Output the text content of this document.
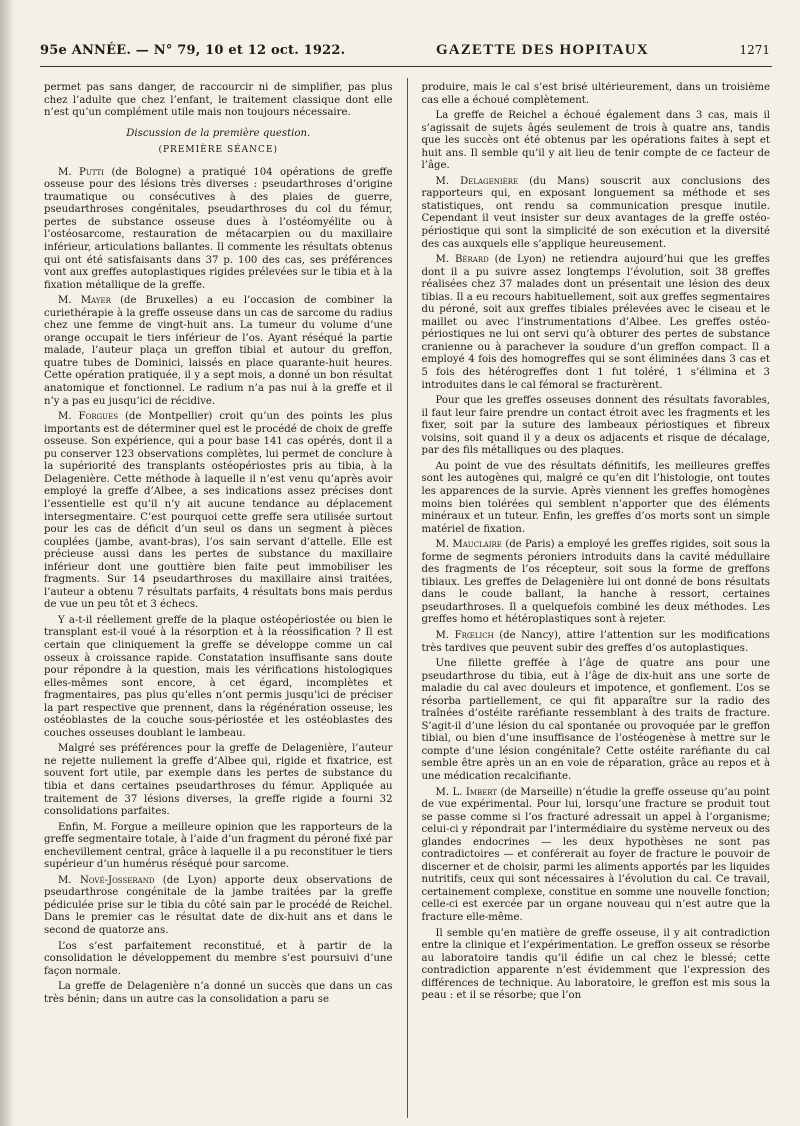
95e ANNÉE. — N° 79, 10 et 12 oct. 1922.	GAZETTE DES HOPITAUX	1271

permet pas sans danger, de raccourcir ni de simplifier, pas plus chez l’adulte que chez l’enfant, le traitement classique dont elle n’est qu’un complément utile mais non toujours nécessaire.

Discussion de la première question.
(PREMIÈRE SÉANCE)

M. Putti (de Bologne) a pratiqué 104 opérations de greffe osseuse pour des lésions très diverses : pseudarthroses d’origine traumatique ou consécutives à des plaies de guerre, pseudarthroses congénitales, pseudarthroses du col du fémur, pertes de substance osseuse dues à l’ostéomyélite ou à l’ostéosarcome, restauration de métacarpien ou du maxillaire inférieur, articulations ballantes. Il commente les résultats obtenus qui ont été satisfaisants dans 37 p. 100 des cas, ses préférences vont aux greffes autoplastiques rigides prélevées sur le tibia et à la fixation métallique de la greffe.

M. Mayer (de Bruxelles) a eu l’occasion de combiner la curiethérapie à la greffe osseuse dans un cas de sarcome du radius chez une femme de vingt-huit ans. La tumeur du volume d’une orange occupait le tiers inférieur de l’os. Ayant réséqué la partie malade, l’auteur plaça un greffon tibial et autour du greffon, quatre tubes de Dominici, laissés en place quarante-huit heures. Cette opération pratiquée, il y a sept mois, a donné un bon résultat anatomique et fonctionnel. Le radium n’a pas nui à la greffe et il n’y a pas eu jusqu’ici de récidive.

M. Forgues (de Montpellier) croit qu’un des points les plus importants est de déterminer quel est le procédé de choix de greffe osseuse. Son expérience, qui a pour base 141 cas opérés, dont il a pu conserver 123 observations complètes, lui permet de conclure à la supériorité des transplants ostéopériostes pris au tibia, à la Delagenière. Cette méthode à laquelle il n’est venu qu’après avoir employé la greffe d’Albee, a ses indications assez précises dont l’essentielle est qu’il n’y ait aucune tendance au déplacement intersegmentaire. C’est pourquoi cette greffe sera utilisée surtout pour les cas de déficit d’un seul os dans un segment à pièces couplées (jambe, avant-bras), l’os sain servant d’attelle. Elle est précieuse aussi dans les pertes de substance du maxillaire inférieur dont une gouttière bien faite peut immobiliser les fragments. Sur 14 pseudarthroses du maxillaire ainsi traitées, l’auteur a obtenu 7 résultats parfaits, 4 résultats bons mais perdus de vue un peu tôt et 3 échecs.

Y a-t-il réellement greffe de la plaque ostéopériostée ou bien le transplant est-il voué à la résorption et à la réossification ? Il est certain que cliniquement la greffe se développe comme un cal osseux à croissance rapide. Constatation insuffisante sans doute pour répondre à la question, mais les vérifications histologiques elles-mêmes sont encore, à cet égard, incomplètes et fragmentaires, pas plus qu’elles n’ont permis jusqu’ici de préciser la part respective que prennent, dans la régénération osseuse, les ostéoblastes de la couche sous-périostée et les ostéoblastes des couches osseuses doublant le lambeau.

Malgré ses préférences pour la greffe de Delagenière, l’auteur ne rejette nullement la greffe d’Albee qui, rigide et fixatrice, est souvent fort utile, par exemple dans les pertes de substance du tibia et dans certaines pseudarthroses du fémur. Appliquée au traitement de 37 lésions diverses, la greffe rigide a fourni 32 consolidations parfaites.

Enfin, M. Forgue a meilleure opinion que les rapporteurs de la greffe segmentaire totale, à l’aide d’un fragment du péroné fixé par enchevillement central, grâce à laquelle il a pu reconstituer le tiers supérieur d’un humérus réséqué pour sarcome.

M. Nové-Josserand (de Lyon) apporte deux observations de pseudarthrose congénitale de la jambe traitées par la greffe pédiculée prise sur le tibia du côté sain par le procédé de Reichel. Dans le premier cas le résultat date de dix-huit ans et dans le second de quatorze ans.

L’os s’est parfaitement reconstitué, et à partir de la consolidation le développement du membre s’est poursuivi d’une façon normale.

La greffe de Delagenière n’a donné un succès que dans un cas très bénin; dans un autre cas la consolidation a paru se

produire, mais le cal s’est brisé ultérieurement, dans un troisième cas elle a échoué complètement.

La greffe de Reichel a échoué également dans 3 cas, mais il s’agissait de sujets âgés seulement de trois à quatre ans, tandis que les succès ont été obtenus par les opérations faites à sept et huit ans. Il semble qu’il y ait lieu de tenir compte de ce facteur de l’âge.

M. Delagenière (du Mans) souscrit aux conclusions des rapporteurs qui, en exposant longuement sa méthode et ses statistiques, ont rendu sa communication presque inutile. Cependant il veut insister sur deux avantages de la greffe ostéo-périostique qui sont la simplicité de son exécution et la diversité des cas auxquels elle s’applique heureusement.

M. Bérard (de Lyon) ne retiendra aujourd’hui que les greffes dont il a pu suivre assez longtemps l’évolution, soit 38 greffes réalisées chez 37 malades dont un présentait une lésion des deux tibias. Il a eu recours habituellement, soit aux greffes segmentaires du péroné, soit aux greffes tibiales prélevées avec le ciseau et le maillet ou avec l’instrumentations d’Albee. Les greffes ostéo-périostiques ne lui ont servi qu’à obturer des pertes de substance cranienne ou à parachever la soudure d’un greffon compact. Il a employé 4 fois des homogreffes qui se sont éliminées dans 3 cas et 5 fois des hétérogreffes dont 1 fut toléré, 1 s’élimina et 3 introduites dans le cal fémoral se fracturèrent.

Pour que les greffes osseuses donnent des résultats favorables, il faut leur faire prendre un contact étroit avec les fragments et les fixer, soit par la suture des lambeaux périostiques et fibreux voisins, soit quand il y a deux os adjacents et risque de décalage, par des fils métalliques ou des plaques.

Au point de vue des résultats définitifs, les meilleures greffes sont les autogènes qui, malgré ce qu’en dit l’histologie, ont toutes les apparences de la survie. Après viennent les greffes homogènes moins bien tolérées qui semblent n’apporter que des éléments minéraux et un tuteur. Enfin, les greffes d’os morts sont un simple matériel de fixation.

M. Mauclaire (de Paris) a employé les greffes rigides, soit sous la forme de segments péroniers introduits dans la cavité médullaire des fragments de l’os récepteur, soit sous la forme de greffons tibiaux. Les greffes de Delagenière lui ont donné de bons résultats dans le coude ballant, la hanche à ressort, certaines pseudarthroses. Il a quelquefois combiné les deux méthodes. Les greffes homo et hétéroplastiques sont à rejeter.

M. Frœlich (de Nancy), attire l’attention sur les modifications très tardives que peuvent subir des greffes d’os autoplastiques.

Une fillette greffée à l’âge de quatre ans pour une pseudarthrose du tibia, eut à l’âge de dix-huit ans une sorte de maladie du cal avec douleurs et impotence, et gonflement. L’os se résorba partiellement, ce qui fit apparaître sur la radio des traînées d’ostéite raréfiante ressemblant à des traits de fracture. S’agit-il d’une lésion du cal spontanée ou provoquée par le greffon tibial, ou bien d’une insuffisance de l’ostéogenèse à mettre sur le compte d’une lésion congénitale? Cette ostéite raréfiante du cal semble être après un an en voie de réparation, grâce au repos et à une médication recalcifiante.

M. L. Imbert (de Marseille) n’étudie la greffe osseuse qu’au point de vue expérimental. Pour lui, lorsqu’une fracture se produit tout se passe comme si l’os fracturé adressait un appel à l’organisme; celui-ci y répondrait par l’intermédiaire du système nerveux ou des glandes endocrines — les deux hypothèses ne sont pas contradictoires — et conférerait au foyer de fracture le pouvoir de discerner et de choisir, parmi les aliments apportés par les liquides nutritifs, ceux qui sont nécessaires à l’évolution du cal. Ce travail, certainement complexe, constitue en somme une nouvelle fonction; celle-ci est exercée par un organe nouveau qui n’est autre que la fracture elle-même.

Il semble qu’en matière de greffe osseuse, il y ait contradiction entre la clinique et l’expérimentation. Le greffon osseux se résorbe au laboratoire tandis qu’il édifie un cal chez le blessé; cette contradiction apparente n’est évidemment que l’expression des différences de technique. Au laboratoire, le greffon est mis sous la peau : et il se résorbe; que l’on
